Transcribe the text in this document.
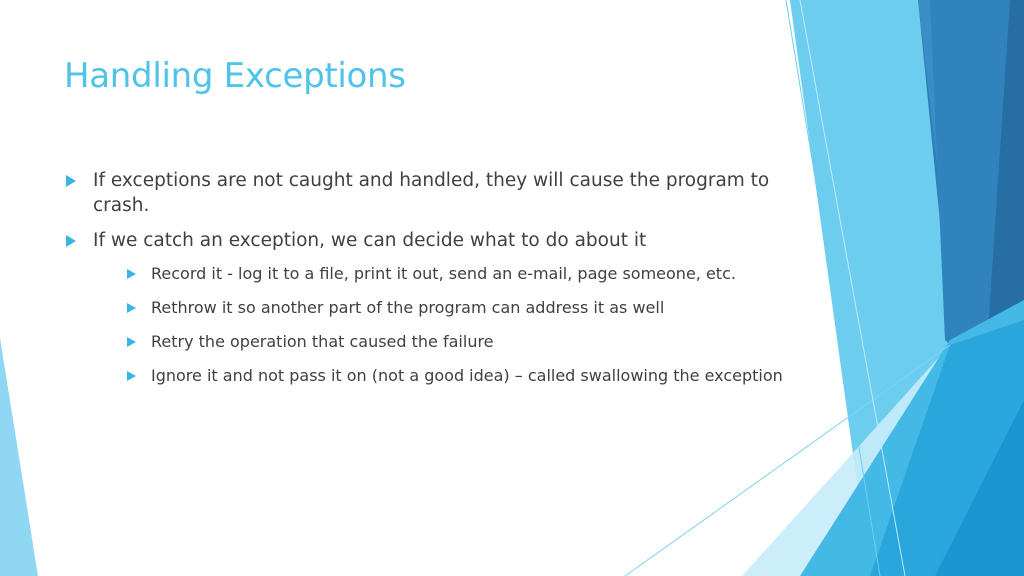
Handling Exceptions
If exceptions are not caught and handled, they will cause the program to crash.
If we catch an exception, we can decide what to do about it
Record it - log it to a file, print it out, send an e-mail, page someone, etc.
Rethrow it so another part of the program can address it as well
Retry the operation that caused the failure
Ignore it and not pass it on (not a good idea) – called swallowing the exception
